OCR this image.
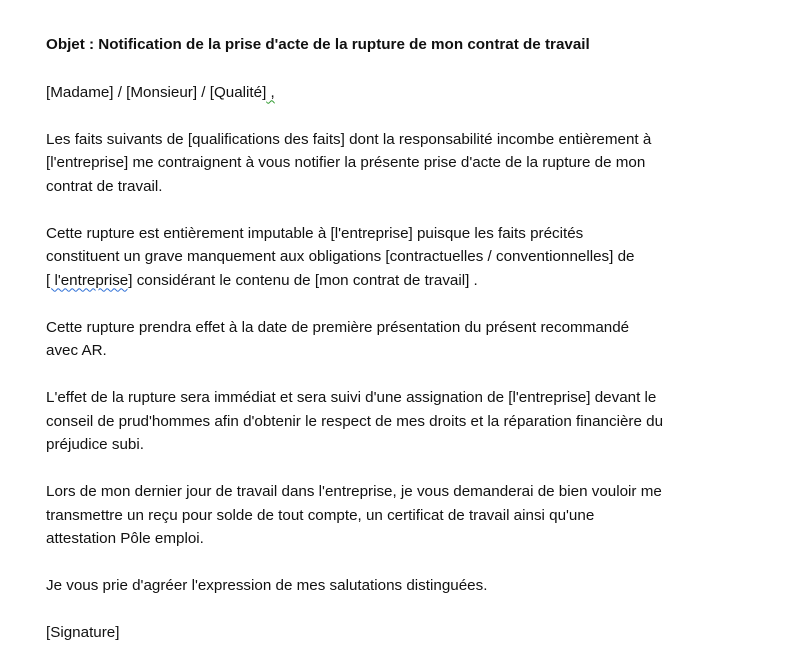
Objet : Notification de la prise d'acte de la rupture de mon contrat de travail
[Madame] / [Monsieur] / [Qualité] ,
Les faits suivants de [qualifications des faits] dont la responsabilité incombe entièrement à
[l'entreprise] me contraignent à vous notifier la présente prise d'acte de la rupture de mon
contrat de travail.
Cette rupture est entièrement imputable à [l'entreprise] puisque les faits précités
constituent un grave manquement aux obligations [contractuelles / conventionnelles] de
[ l'entreprise] considérant le contenu de [mon contrat de travail] .
Cette rupture prendra effet à la date de première présentation du présent recommandé
avec AR.
L'effet de la rupture sera immédiat et sera suivi d'une assignation de [l'entreprise] devant le
conseil de prud'hommes afin d'obtenir le respect de mes droits et la réparation financière du
préjudice subi.
Lors de mon dernier jour de travail dans l'entreprise, je vous demanderai de bien vouloir me
transmettre un reçu pour solde de tout compte, un certificat de travail ainsi qu'une
attestation Pôle emploi.
Je vous prie d'agréer l'expression de mes salutations distinguées.
[Signature]
